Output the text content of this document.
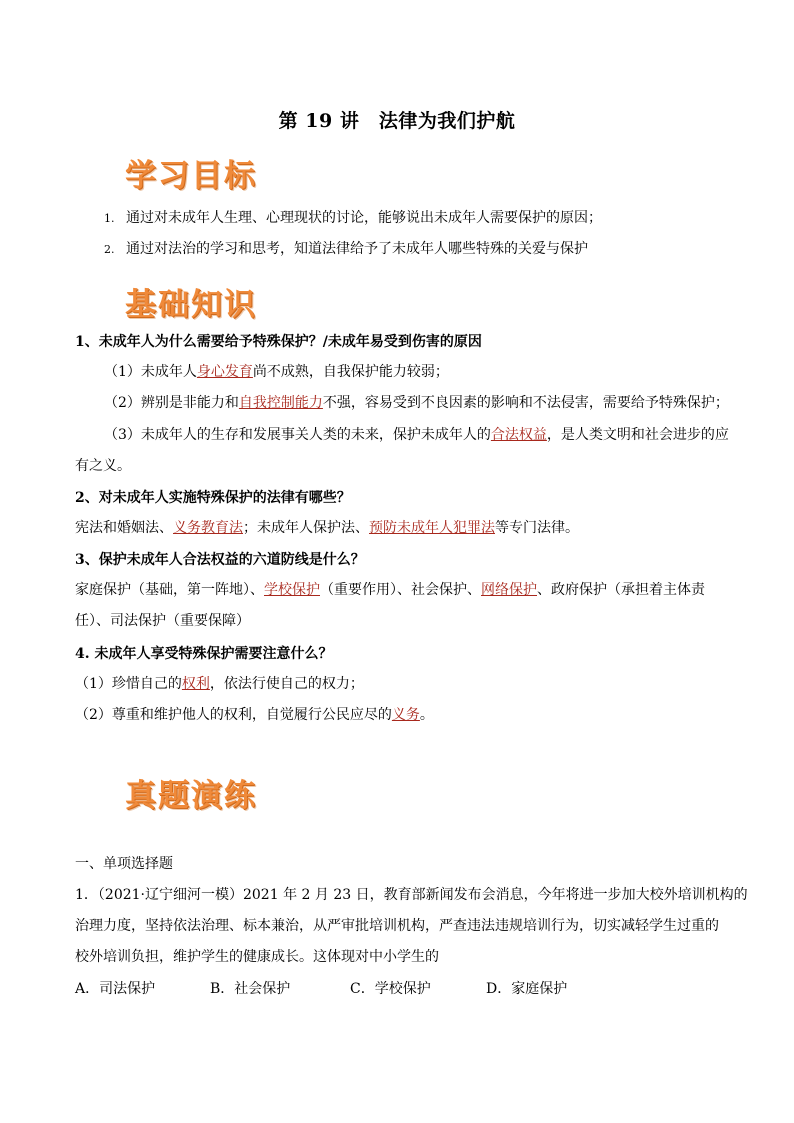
第 19 讲　法律为我们护航
学习目标
1. 通过对未成年人生理、心理现状的讨论，能够说出未成年人需要保护的原因；
2. 通过对法治的学习和思考，知道法律给予了未成年人哪些特殊的关爱与保护
基础知识
1、未成年人为什么需要给予特殊保护？/未成年易受到伤害的原因
（1）未成年人身心发育尚不成熟，自我保护能力较弱；
（2）辨别是非能力和自我控制能力不强，容易受到不良因素的影响和不法侵害，需要给予特殊保护；
（3）未成年人的生存和发展事关人类的未来，保护未成年人的合法权益，是人类文明和社会进步的应
有之义。
2、对未成年人实施特殊保护的法律有哪些？
宪法和婚姻法、义务教育法；未成年人保护法、预防未成年人犯罪法等专门法律。
3、保护未成年人合法权益的六道防线是什么？
家庭保护（基础，第一阵地）、学校保护（重要作用）、社会保护、网络保护、政府保护（承担着主体责
任）、司法保护（重要保障）
4. 未成年人享受特殊保护需要注意什么？
（1）珍惜自己的权利，依法行使自己的权力；
（2）尊重和维护他人的权利，自觉履行公民应尽的义务。
真题演练
一、单项选择题
1．（2021·辽宁细河一模）2021 年 2 月 23 日，教育部新闻发布会消息，今年将进一步加大校外培训机构的
治理力度，坚持依法治理、标本兼治，从严审批培训机构，严查违法违规培训行为，切实减轻学生过重的
校外培训负担，维护学生的健康成长。这体现对中小学生的
A．司法保护	B．社会保护	C．学校保护	D．家庭保护
